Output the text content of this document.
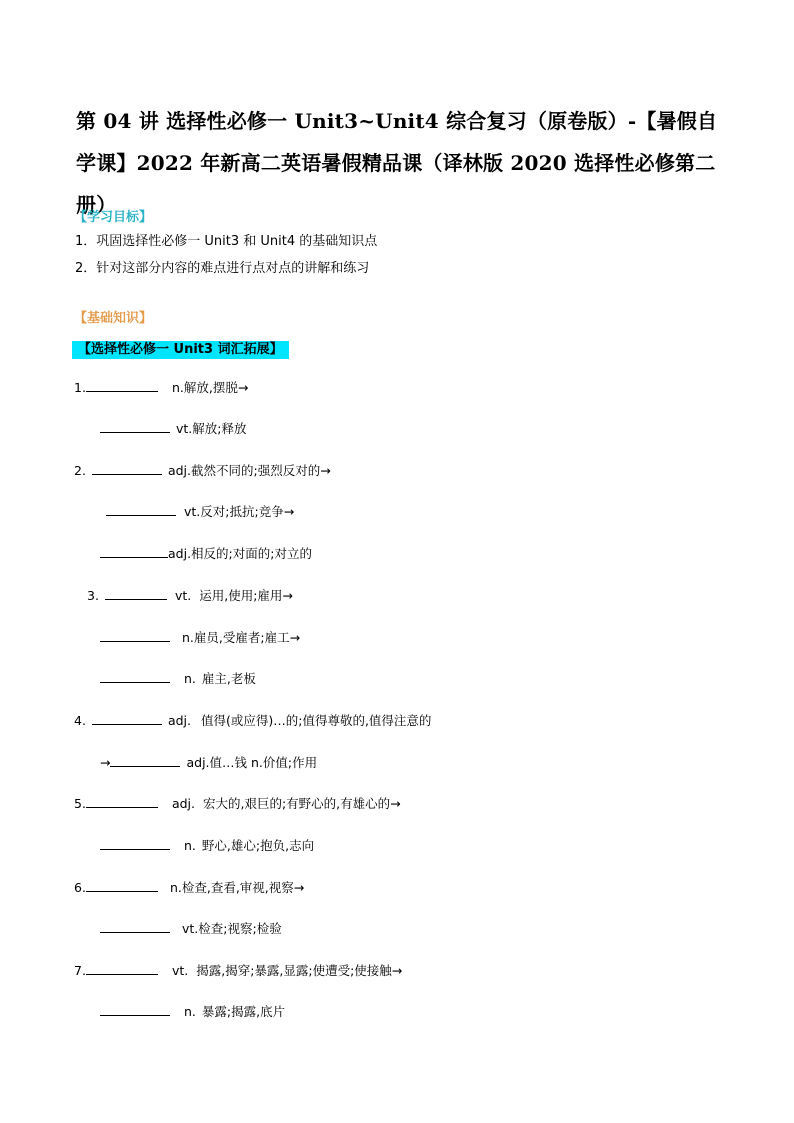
第 04 讲 选择性必修一 Unit3~Unit4 综合复习（原卷版）-【暑假自学课】2022 年新高二英语暑假精品课（译林版 2020 选择性必修第二册）
【学习目标】
1．巩固选择性必修一 Unit3 和 Unit4 的基础知识点
2．针对这部分内容的难点进行点对点的讲解和练习
【基础知识】
【选择性必修一 Unit3 词汇拓展】
1.	n.解放,摆脱→
vt.解放;释放
2.	adj.截然不同的;强烈反对的→
vt.反对;抵抗;竞争→
adj.相反的;对面的;对立的
3.	vt. 运用,使用;雇用→
n.雇员,受雇者;雇工→
n. 雇主,老板
4.	adj. 值得(或应得)…的;值得尊敬的,值得注意的
→	adj.值…钱 n.价值;作用
5.	adj. 宏大的,艰巨的;有野心的,有雄心的→
n. 野心,雄心;抱负,志向
6.	n.检查,查看,审视,视察→
vt.检查;视察;检验
7.	vt. 揭露,揭穿;暴露,显露;使遭受;使接触→
n. 暴露;揭露,底片
